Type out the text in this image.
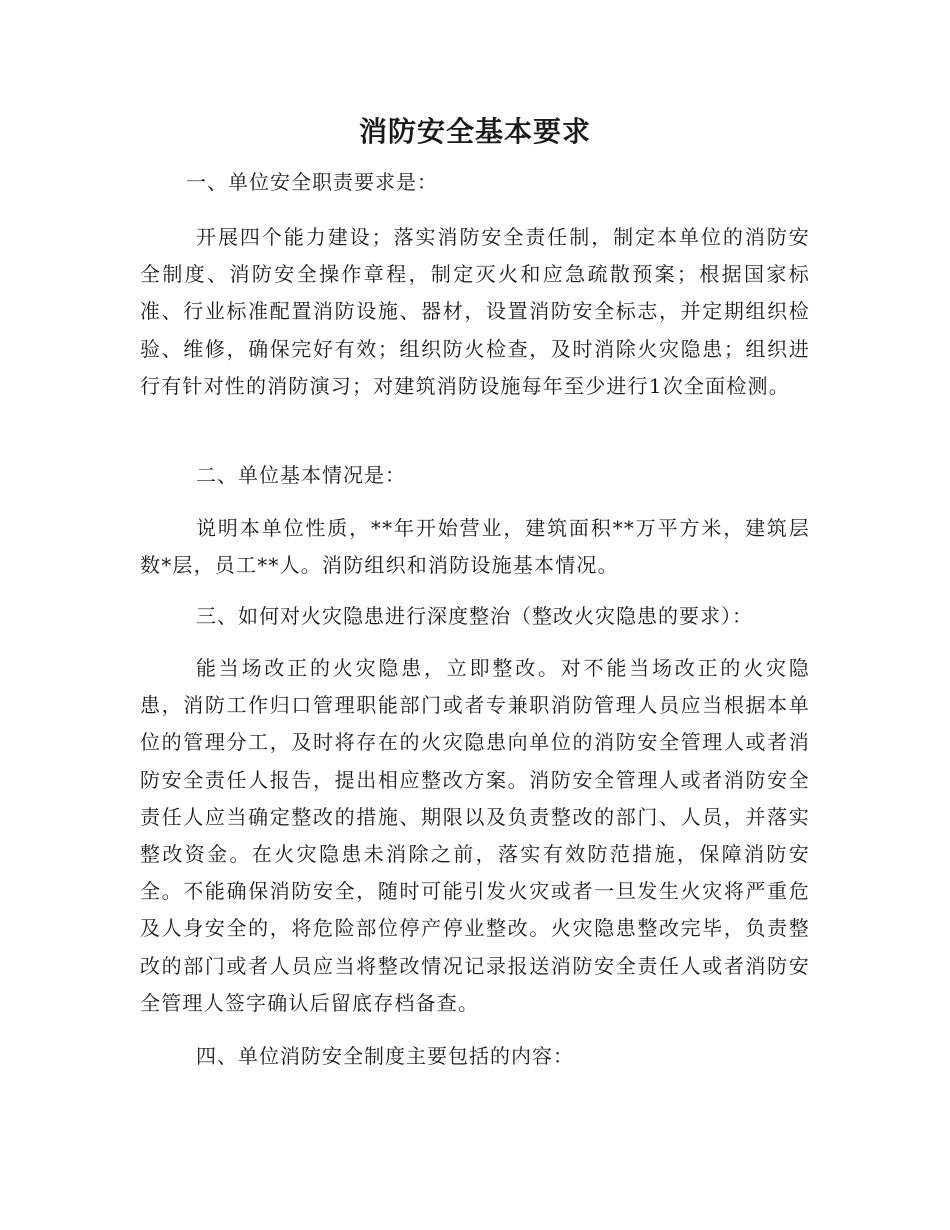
消防安全基本要求
一、单位安全职责要求是：

开展四个能力建设；落实消防安全责任制，制定本单位的消防安全制度、消防安全操作章程，制定灭火和应急疏散预案；根据国家标准、行业标准配置消防设施、器材，设置消防安全标志，并定期组织检验、维修，确保完好有效；组织防火检查，及时消除火灾隐患；组织进行有针对性的消防演习；对建筑消防设施每年至少进行1次全面检测。

二、单位基本情况是：

说明本单位性质，**年开始营业，建筑面积**万平方米，建筑层数*层，员工**人。消防组织和消防设施基本情况。

三、如何对火灾隐患进行深度整治（整改火灾隐患的要求）：

能当场改正的火灾隐患，立即整改。对不能当场改正的火灾隐患，消防工作归口管理职能部门或者专兼职消防管理人员应当根据本单位的管理分工，及时将存在的火灾隐患向单位的消防安全管理人或者消防安全责任人报告，提出相应整改方案。消防安全管理人或者消防安全责任人应当确定整改的措施、期限以及负责整改的部门、人员，并落实整改资金。在火灾隐患未消除之前，落实有效防范措施，保障消防安全。不能确保消防安全，随时可能引发火灾或者一旦发生火灾将严重危及人身安全的，将危险部位停产停业整改。火灾隐患整改完毕，负责整改的部门或者人员应当将整改情况记录报送消防安全责任人或者消防安全管理人签字确认后留底存档备查。

四、单位消防安全制度主要包括的内容：
